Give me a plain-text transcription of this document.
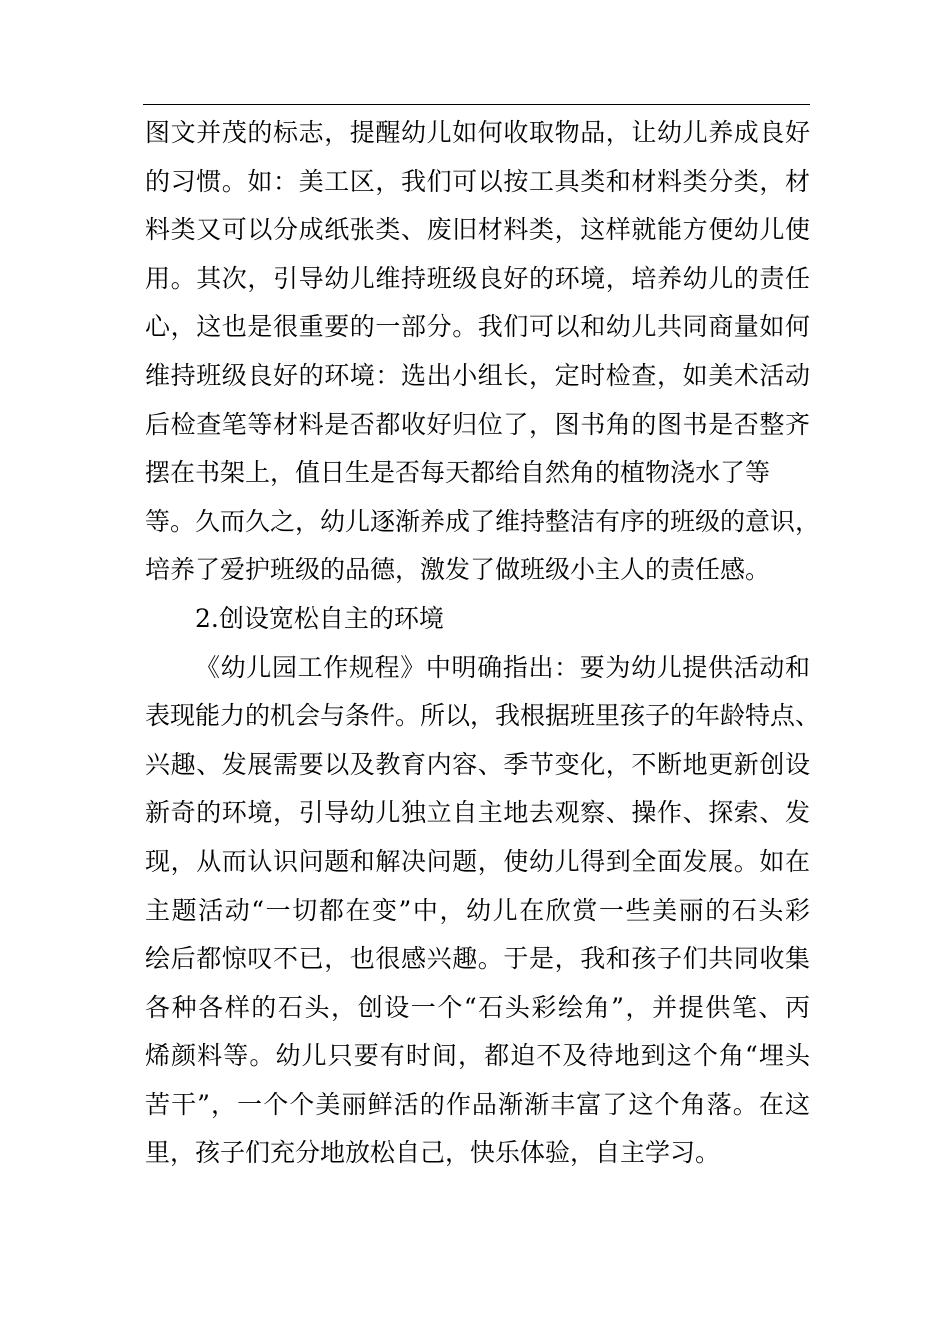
图文并茂的标志，提醒幼儿如何收取物品，让幼儿养成良好
的习惯。如：美工区，我们可以按工具类和材料类分类，材
料类又可以分成纸张类、废旧材料类，这样就能方便幼儿使
用。其次，引导幼儿维持班级良好的环境，培养幼儿的责任
心，这也是很重要的一部分。我们可以和幼儿共同商量如何
维持班级良好的环境：选出小组长，定时检查，如美术活动
后检查笔等材料是否都收好归位了，图书角的图书是否整齐
摆在书架上，值日生是否每天都给自然角的植物浇水了等
等。久而久之，幼儿逐渐养成了维持整洁有序的班级的意识，
培养了爱护班级的品德，激发了做班级小主人的责任感。
2.创设宽松自主的环境
《幼儿园工作规程》中明确指出：要为幼儿提供活动和
表现能力的机会与条件。所以，我根据班里孩子的年龄特点、
兴趣、发展需要以及教育内容、季节变化，不断地更新创设
新奇的环境，引导幼儿独立自主地去观察、操作、探索、发
现，从而认识问题和解决问题，使幼儿得到全面发展。如在
主题活动“一切都在变”中，幼儿在欣赏一些美丽的石头彩
绘后都惊叹不已，也很感兴趣。于是，我和孩子们共同收集
各种各样的石头，创设一个“石头彩绘角”，并提供笔、丙
烯颜料等。幼儿只要有时间，都迫不及待地到这个角“埋头
苦干”，一个个美丽鲜活的作品渐渐丰富了这个角落。在这
里，孩子们充分地放松自己，快乐体验，自主学习。
